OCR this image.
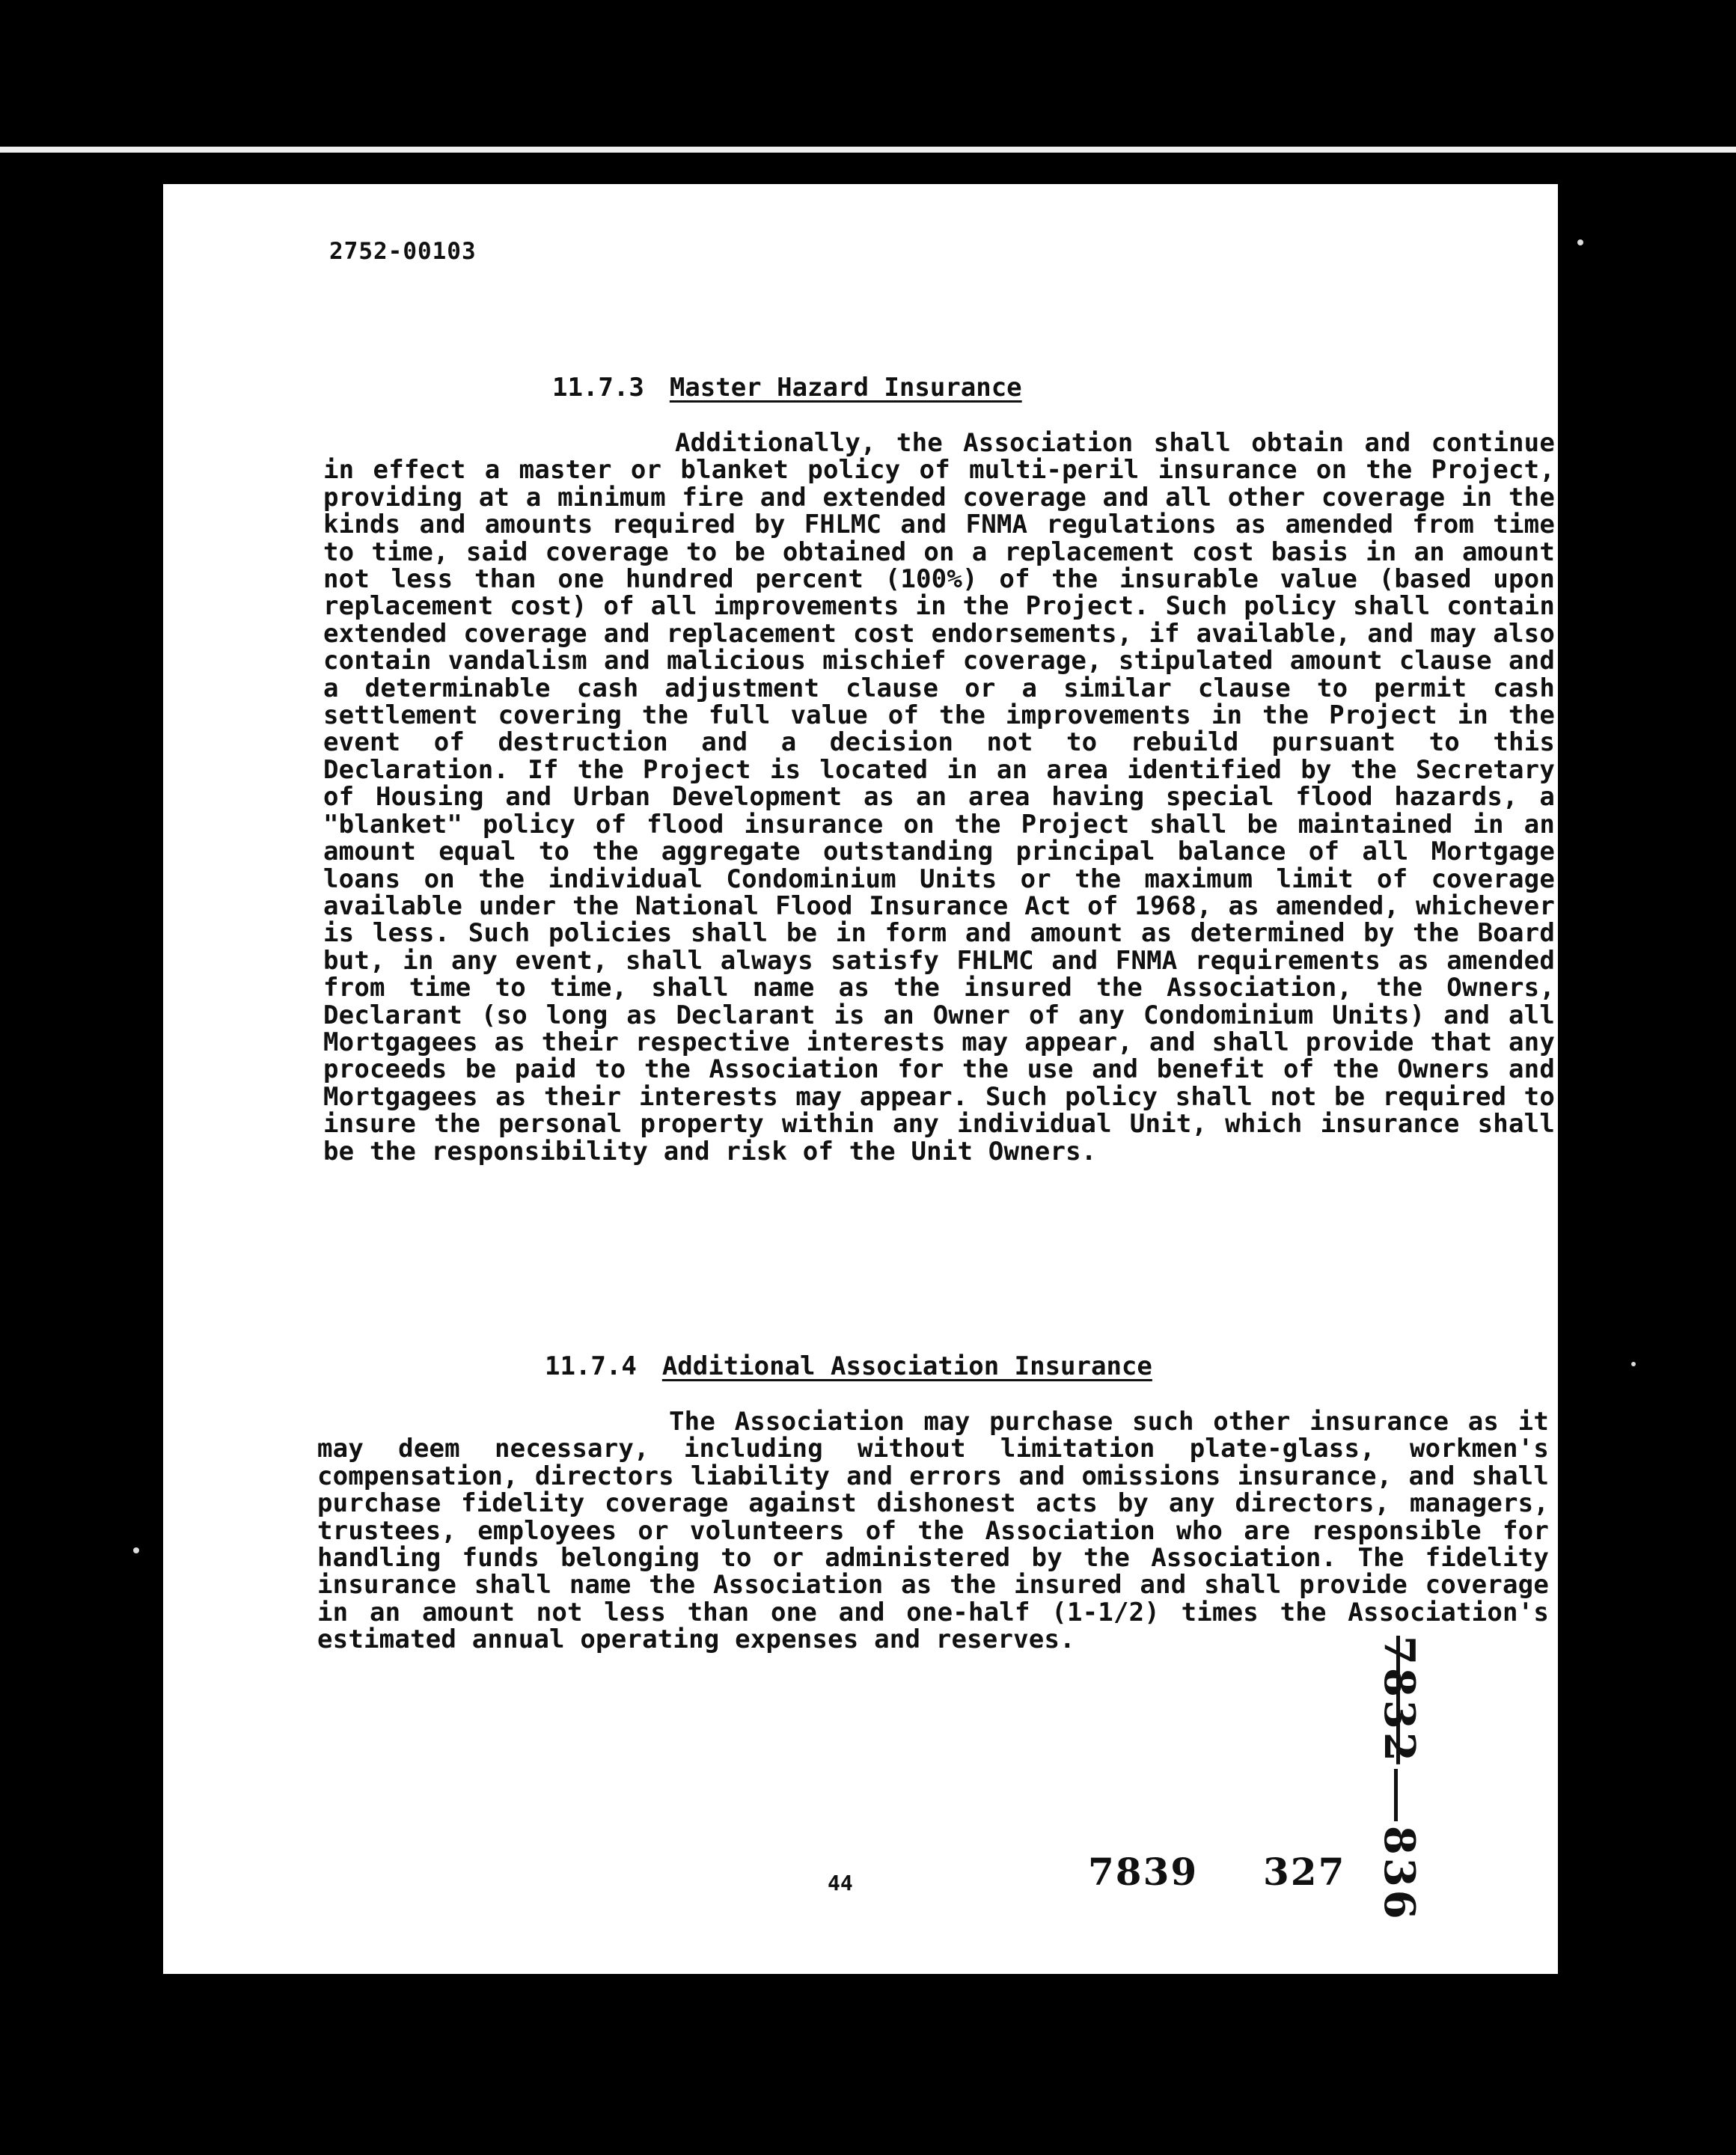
2752-00103
11.7.3 Master Hazard Insurance
Additionally, the Association shall obtain and continue in effect a master or blanket policy of multi-peril insurance on the Project, providing at a minimum fire and extended coverage and all other coverage in the kinds and amounts required by FHLMC and FNMA regulations as amended from time to time, said coverage to be obtained on a replacement cost basis in an amount not less than one hundred percent (100%) of the insurable value (based upon replacement cost) of all improvements in the Project. Such policy shall contain extended coverage and replacement cost endorsements, if available, and may also contain vandalism and malicious mischief coverage, stipulated amount clause and a determinable cash adjustment clause or a similar clause to permit cash settlement covering the full value of the improvements in the Project in the event of destruction and a decision not to rebuild pursuant to this Declaration. If the Project is located in an area identified by the Secretary of Housing and Urban Development as an area having special flood hazards, a "blanket" policy of flood insurance on the Project shall be maintained in an amount equal to the aggregate outstanding principal balance of all Mortgage loans on the individual Condominium Units or the maximum limit of coverage available under the National Flood Insurance Act of 1968, as amended, whichever is less. Such policies shall be in form and amount as determined by the Board but, in any event, shall always satisfy FHLMC and FNMA requirements as amended from time to time, shall name as the insured the Association, the Owners, Declarant (so long as Declarant is an Owner of any Condominium Units) and all Mortgagees as their respective interests may appear, and shall provide that any proceeds be paid to the Association for the use and benefit of the Owners and Mortgagees as their interests may appear. Such policy shall not be required to insure the personal property within any individual Unit, which insurance shall be the responsibility and risk of the Unit Owners.
11.7.4 Additional Association Insurance
The Association may purchase such other insurance as it may deem necessary, including without limitation plate-glass, workmen's compensation, directors liability and errors and omissions insurance, and shall purchase fidelity coverage against dishonest acts by any directors, managers, trustees, employees or volunteers of the Association who are responsible for handling funds belonging to or administered by the Association. The fidelity insurance shall name the Association as the insured and shall provide coverage in an amount not less than one and one-half (1-1/2) times the Association's estimated annual operating expenses and reserves.	7832836
44	7839 327
